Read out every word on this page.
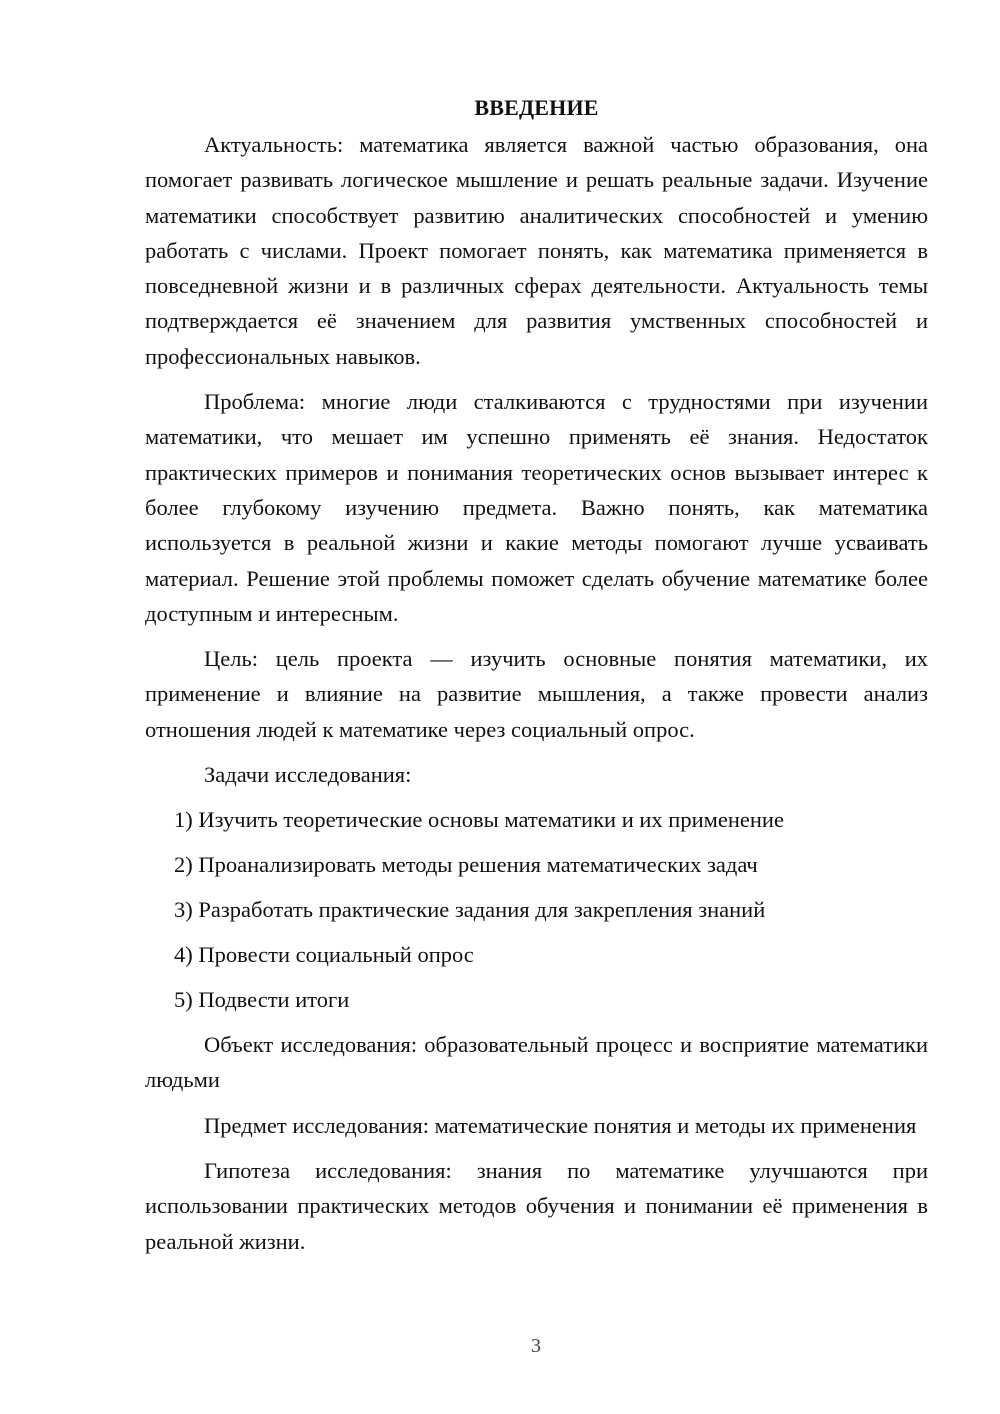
ВВЕДЕНИЕ

Актуальность: математика является важной частью образования, она помогает развивать логическое мышление и решать реальные задачи. Изучение математики способствует развитию аналитических способностей и умению работать с числами. Проект помогает понять, как математика применяется в повседневной жизни и в различных сферах деятельности. Актуальность темы подтверждается её значением для развития умственных способностей и профессиональных навыков.

Проблема: многие люди сталкиваются с трудностями при изучении математики, что мешает им успешно применять её знания. Недостаток практических примеров и понимания теоретических основ вызывает интерес к более глубокому изучению предмета. Важно понять, как математика используется в реальной жизни и какие методы помогают лучше усваивать материал. Решение этой проблемы поможет сделать обучение математике более доступным и интересным.

Цель: цель проекта — изучить основные понятия математики, их применение и влияние на развитие мышления, а также провести анализ отношения людей к математике через социальный опрос.

Задачи исследования:

1) Изучить теоретические основы математики и их применение
2) Проанализировать методы решения математических задач
3) Разработать практические задания для закрепления знаний
4) Провести социальный опрос
5) Подвести итоги

Объект исследования: образовательный процесс и восприятие математики людьми

Предмет исследования: математические понятия и методы их применения

Гипотеза исследования: знания по математике улучшаются при использовании практических методов обучения и понимании её применения в реальной жизни.

3
